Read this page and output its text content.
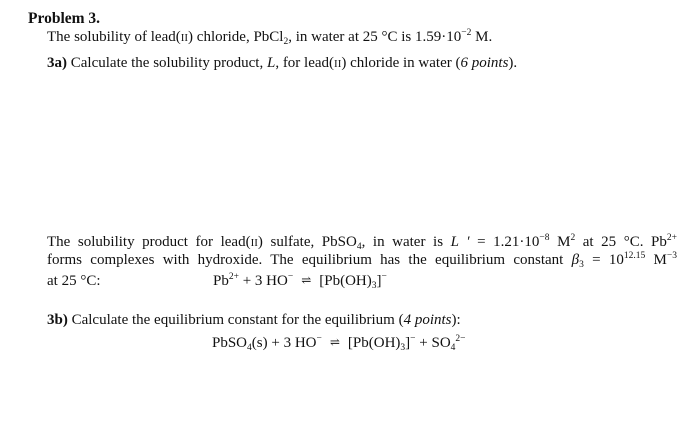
Problem 3.
The solubility of lead(II) chloride, PbCl$_2$, in water at 25 °C is $1.59\cdot 10^{-2}$ M.
3a) Calculate the solubility product, L, for lead(II) chloride in water (6 points).
The solubility product for lead(II) sulfate, PbSO$_4$, in water is L ′ = $1.21\cdot 10^{-8}$ $M^2$ at 25 °C. $Pb^{2+}$
forms complexes with hydroxide. The equilibrium has the equilibrium constant $\beta_3 = 10^{12.15}$ $M^{-3}$
at 25 °C:	$Pb^{2+} + 3$ HO− ⇌ $[Pb(OH)_3]^-$
3b) Calculate the equilibrium constant for the equilibrium (4 points):
PbSO$_4$(s) + 3 HO− ⇌ $[Pb(OH)_3]^- + SO_4^{2-}$
